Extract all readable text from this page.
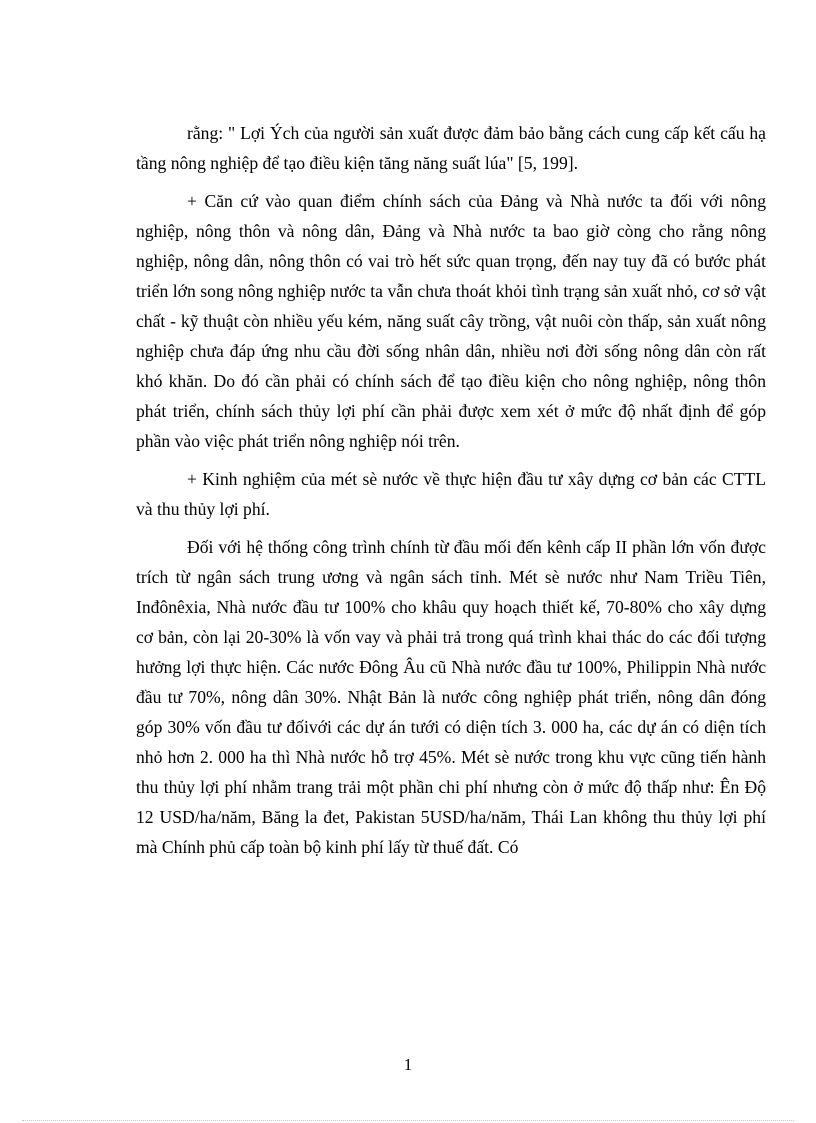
rằng: " Lợi Ých của người sản xuất được đảm bảo bằng cách cung cấp kết cấu hạ tầng nông nghiệp để tạo điều kiện tăng năng suất lúa" [5, 199].

+ Căn cứ vào quan điểm chính sách của Đảng và Nhà nước ta đối với nông nghiệp, nông thôn và nông dân, Đảng và Nhà nước ta bao giờ còng cho rằng nông nghiệp, nông dân, nông thôn có vai trò hết sức quan trọng, đến nay tuy đã có bước phát triển lớn song nông nghiệp nước ta vẫn chưa thoát khỏi tình trạng sản xuất nhỏ, cơ sở vật chất - kỹ thuật còn nhiều yếu kém, năng suất cây trồng, vật nuôi còn thấp, sản xuất nông nghiệp chưa đáp ứng nhu cầu đời sống nhân dân, nhiều nơi đời sống nông dân còn rất khó khăn. Do đó cần phải có chính sách để tạo điều kiện cho nông nghiệp, nông thôn phát triển, chính sách thủy lợi phí cần phải được xem xét ở mức độ nhất định để góp phần vào việc phát triển nông nghiệp nói trên.

+ Kinh nghiệm của mét sè nước về thực hiện đầu tư xây dựng cơ bản các CTTL và thu thủy lợi phí.

Đối với hệ thống công trình chính từ đầu mối đến kênh cấp II phần lớn vốn được trích từ ngân sách trung ương và ngân sách tỉnh. Mét sè nước như Nam Triều Tiên, Inđônêxia, Nhà nước đầu tư 100% cho khâu quy hoạch thiết kế, 70-80% cho xây dựng cơ bản, còn lại 20-30% là vốn vay và phải trả trong quá trình khai thác do các đối tượng hưởng lợi thực hiện. Các nước Đông Âu cũ Nhà nước đầu tư 100%, Philippin Nhà nước đầu tư 70%, nông dân 30%. Nhật Bản là nước công nghiệp phát triển, nông dân đóng góp 30% vốn đầu tư đốivới các dự án tưới có diện tích 3. 000 ha, các dự án có diện tích nhỏ hơn 2. 000 ha thì Nhà nước hỗ trợ 45%. Mét sè nước trong khu vực cũng tiến hành thu thủy lợi phí nhằm trang trải một phần chi phí nhưng còn ở mức độ thấp như: Ên Độ 12 USD/ha/năm, Băng la đet, Pakistan 5USD/ha/năm, Thái Lan không thu thủy lợi phí mà Chính phủ cấp toàn bộ kinh phí lấy từ thuế đất. Có

1
